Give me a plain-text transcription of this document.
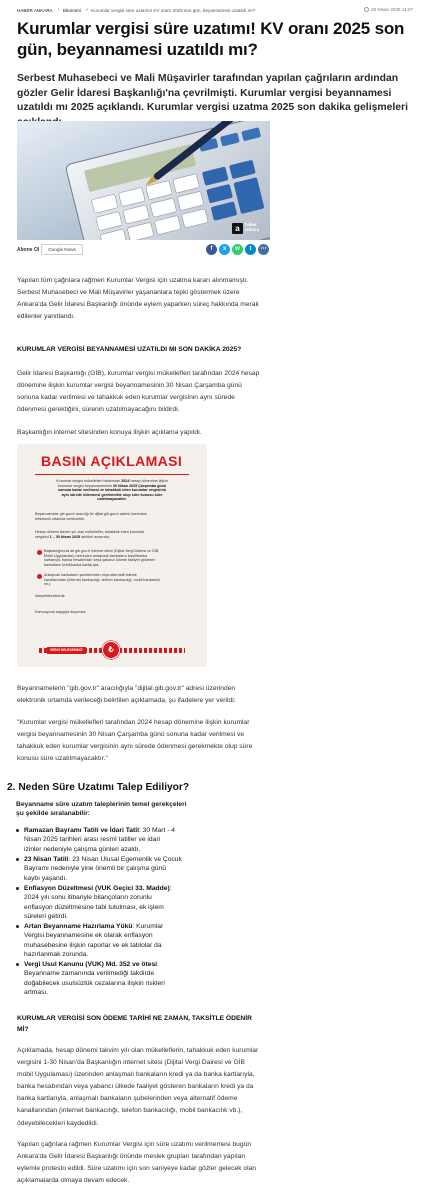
HABER ANKARA › Ekonomi › Kurumlar vergisi süre uzatımı! KV oranı 2025 son gün, beyannamesi uzatıldı mı?	28 Nisan 2025 11:07
Kurumlar vergisi süre uzatımı! KV oranı 2025 son gün, beyannamesi uzatıldı mı?

Serbest Muhasebeci ve Mali Müşavirler tarafından yapılan çağrıların ardından gözler Gelir İdaresi Başkanlığı'na çevrilmişti. Kurumlar vergisi beyannamesi uzatıldı mı 2025 açıklandı. Kurumlar vergisi uzatma 2025 son dakika gelişmeleri

a	haber
ankara
Abone Ol	Google News	f	x	w	t	⋯
Yapılan tüm çağrılara rağmen Kurumlar Vergisi için uzatma kararı alınmamıştı.
Serbest Muhasebeci ve Mali Müşavirler yaşananlara tepki göstermek üzere
Ankara'da Gelir İdaresi Başkanlığı önünde eylem yaparken süreç hakkında merak
edilenler yanıtlandı.
KURUMLAR VERGİSİ BEYANNAMESİ UZATILDI MI SON DAKİKA 2025?
Gelir İdaresi Başkanlığı (GİB), kurumlar vergisi mükellefleri tarafından 2024 hesap
dönemine ilişkin kurumlar vergisi beyannamesinin 30 Nisan Çarşamba günü
sonuna kadar verilmesi ve tahakkuk eden kurumlar vergisinin aynı sürede
ödenmesi gerektiğini, sürenin uzatılmayacağını bildirdi.
Başkanlığın internet sitesinden konuya ilişkin açıklama yapıldı.
Beyannamelerin "gib.gov.tr" aracılığıyla "dijital.gib.gov.tr" adresi üzerinden
elektronik ortamda verileceği belirtilen açıklamada, şu ifadelere yer verildi:
"Kurumlar vergisi mükellefleri tarafından 2024 hesap dönemine ilişkin kurumlar
vergisi beyannamesinin 30 Nisan Çarşamba günü sonuna kadar verilmesi ve
tahakkuk eden kurumlar vergisinin aynı sürede ödenmesi gerekmekte olup süre
konusu süre uzatılmayacaktır."
KURUMLAR VERGİSİ SON ÖDEME TARİHİ NE ZAMAN, TAKSİTLE ÖDENİR
Mİ?
Açıklamada, hesap dönemi takvim yılı olan mükelleflerin, tahakkuk eden kurumlar
vergisini 1-30 Nisan'da Başkanlığın internet sitesi (Dijital Vergi Dairesi ve GİB
mobil Uygulaması) üzerinden anlaşmalı bankaların kredi ya da banka kartlarıyla,
banka hesabından veya yabancı ülkede faaliyet gösteren bankaların kredi ya da
banka kartlarıyla, anlaşmalı bankaların şubelerinden veya alternatif ödeme
kanallarından (internet bankacılığı, telefon bankacılığı, mobil bankacılık vb.),
ödeyebilecekleri kaydedildi.
Yapılan çağrılara rağmen Kurumlar Vergisi için süre uzatımı verilmemesi bugün
Ankara'da Gelir İdaresi Başkanlığı önünde meslek grupları tarafından yapılan
eylemle protesto edildi. Süre uzatımı için son saniyeye kadar gözler gelecek olan
açıklamalarda olmaya devam edecek.
BASIN AÇIKLAMASI
Kurumlar vergisi mükellefleri tarafından 2024 hesap dönemine ilişkin
kurumlar vergisi beyannamesinin 30 Nisan 2025 Çarşamba günü
sonuna kadar verilmesi ve tahakkuk eden kurumlar vergisinin
aynı sürede ödenmesi gerekmekte olup süre konusu süre
uzatılmayacaktır.
Beyannameler gib.gov.tr aracılığı ile dijital.gib.gov.tr adresi üzerinden
elektronik ortamda verilecektir.
Hesap dönemi takvim yılı olan mükellefler, tahakkuk eden kurumlar
vergisini 1 – 30 Nisan 2025 tarihleri arasında;
Başkanlığımıza ait gib.gov.tr internet sitesi (Dijital Vergi Dairesi ve GİB
Mobil Uygulaması) üzerinden anlaşmalı bankaların kredi/banka
kartlarıyla, banka hesabından veya yabancı ülkede faaliyet gösteren
bankaların kredi/banka kartlarıyla,
Anlaşmalı bankaların şubelerinden veya alternatif ödeme
kanallarından (internet bankacılığı, telefon bankacılığı, mobil bankacılık
vb.),
ödeyebileceklerdir.
Kamuoyuna saygıyla duyurulur.
VERGİ DELEGEMİNİZ	₺
2. Neden Süre Uzatımı Talep Ediliyor?
Beyanname süre uzatım taleplerinin temel gerekçeleri
şu şekilde sıralanabilir:
Ramazan Bayramı Tatili ve İdari Tatil: 30 Mart - 4
Nisan 2025 tarihleri arası resmî tatiller ve idari
izinler nedeniyle çalışma günleri azaldı.
23 Nisan Tatili: 23 Nisan Ulusal Egemenlik ve Çocuk
Bayramı nedeniyle yine önemli bir çalışma günü
kaybı yaşandı.
Enflasyon Düzeltmesi (VUK Geçici 33. Madde):
2024 yılı sonu itibariyle bilançoların zorunlu
enflasyon düzeltmesine tabi tutulması, ek işlem
süreleri getirdi.
Artan Beyanname Hazırlama Yükü: Kurumlar
Vergisi beyannamesine ek olarak enflasyon
muhasebesine ilişkin raporlar ve ek tablolar da
hazırlanmak zorunda.
Vergi Usul Kanunu (VUK) Md. 352 ve ötesi:
Beyanname zamanında verilmediği takdirde
doğabilecek usulsüzlük cezalarına ilişkin riskleri
artması.
